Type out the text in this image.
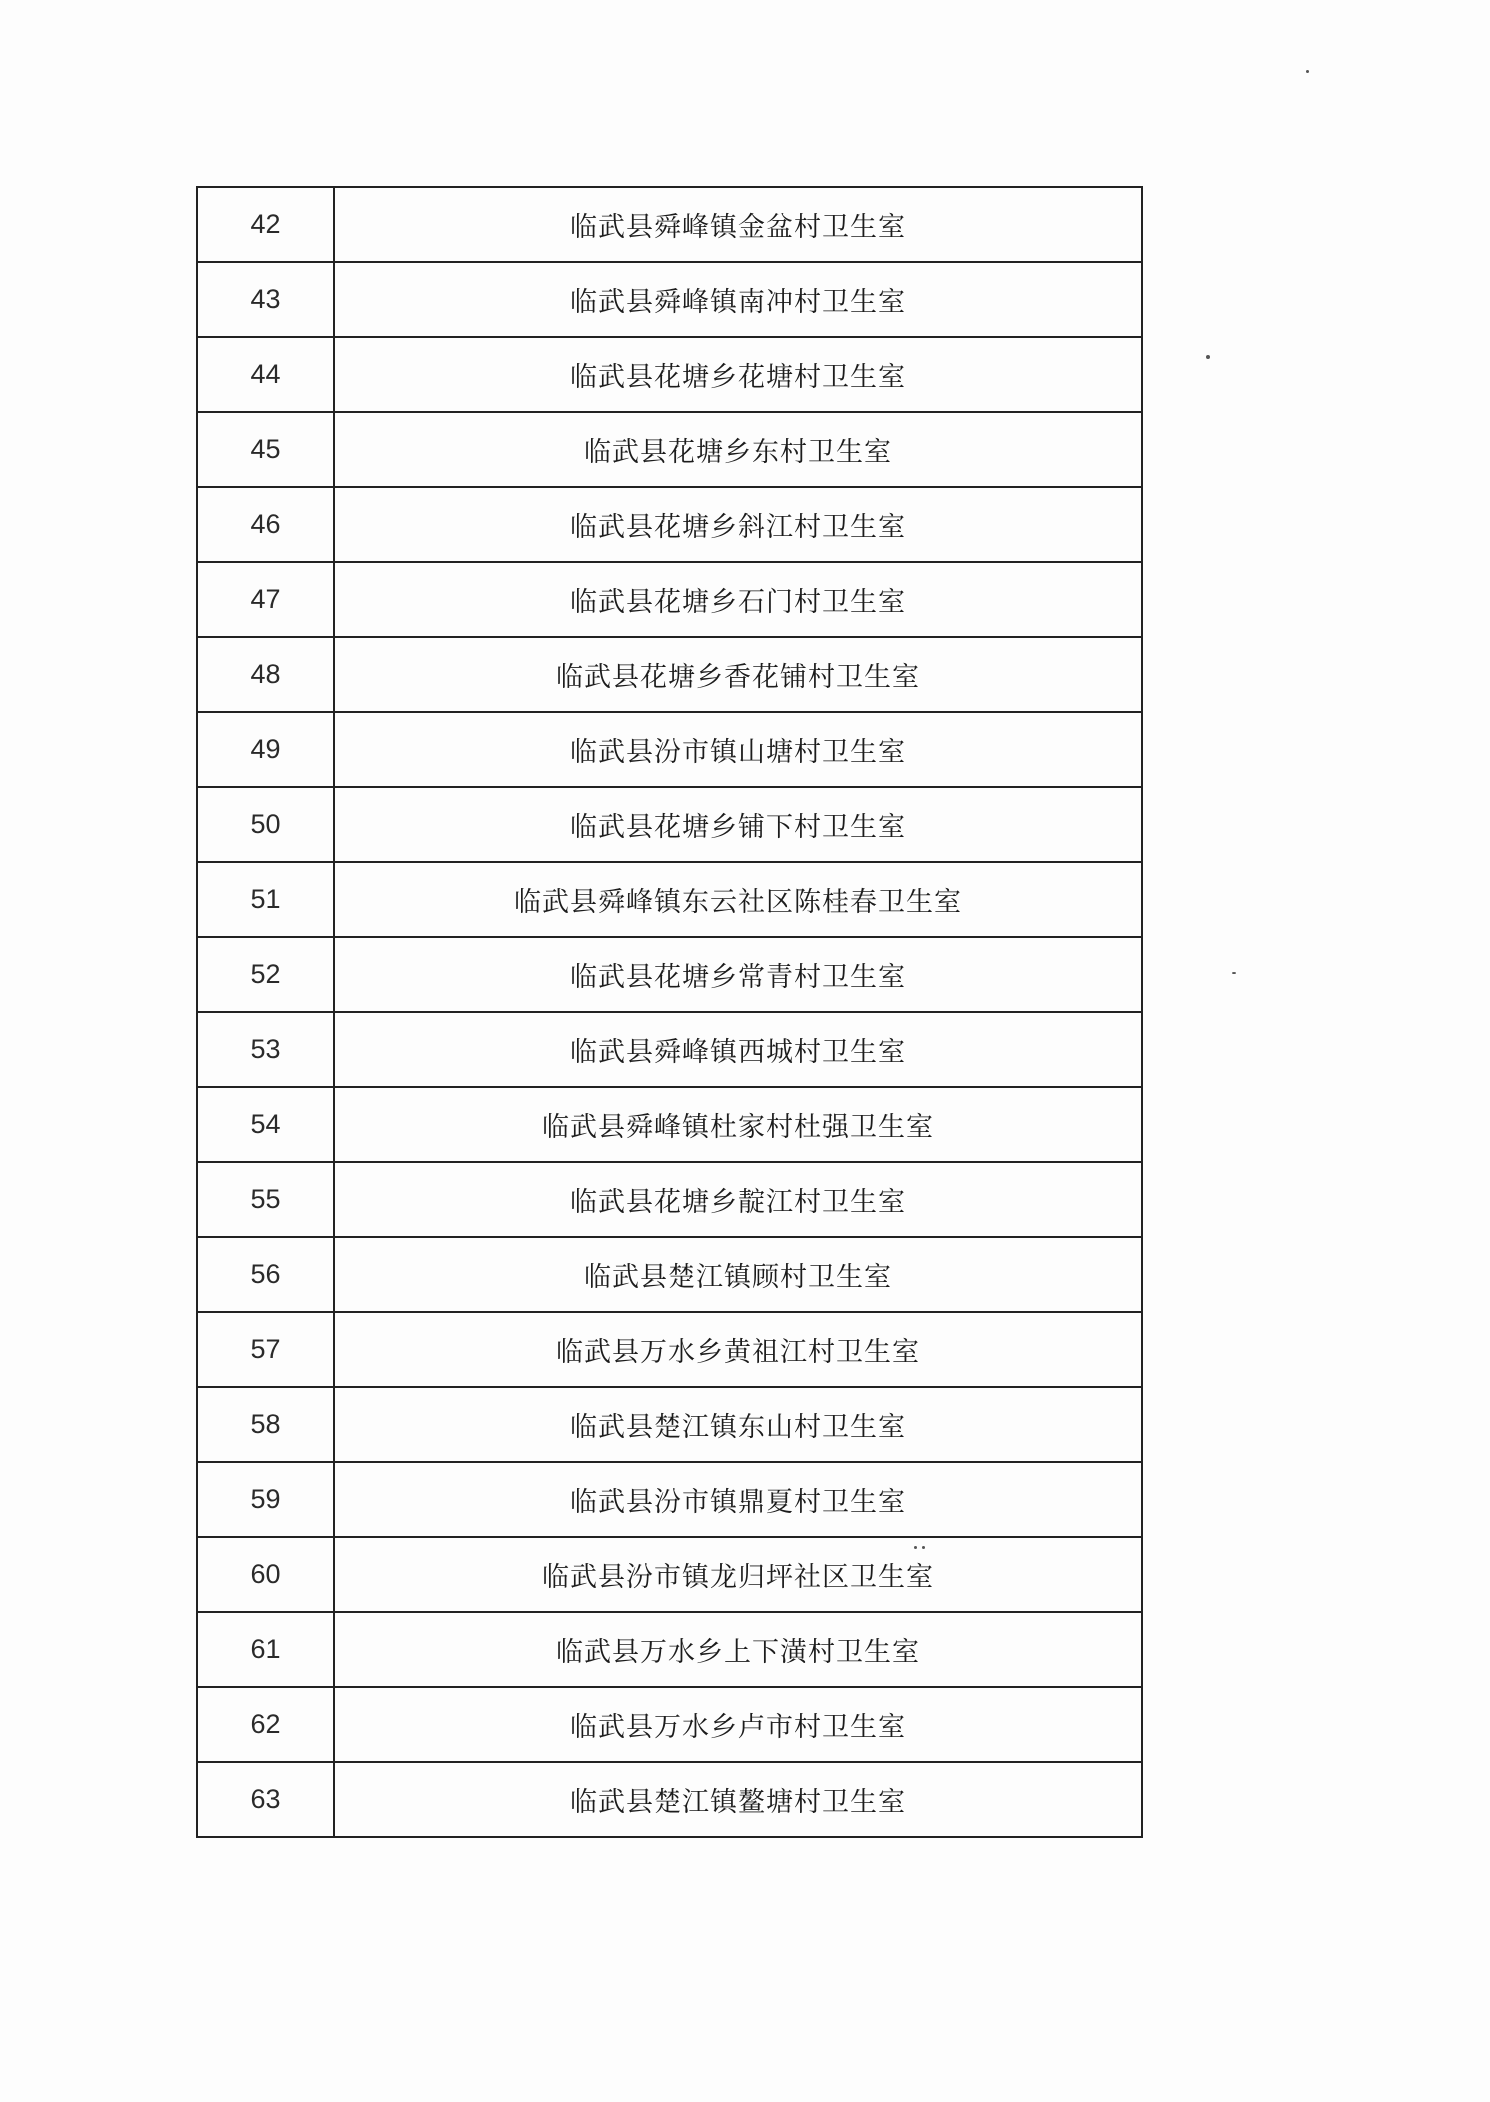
42	临武县舜峰镇金盆村卫生室
43	临武县舜峰镇南冲村卫生室
44	临武县花塘乡花塘村卫生室
45	临武县花塘乡东村卫生室
46	临武县花塘乡斜江村卫生室
47	临武县花塘乡石门村卫生室
48	临武县花塘乡香花铺村卫生室
49	临武县汾市镇山塘村卫生室
50	临武县花塘乡铺下村卫生室
51	临武县舜峰镇东云社区陈桂春卫生室
52	临武县花塘乡常青村卫生室
53	临武县舜峰镇西城村卫生室
54	临武县舜峰镇杜家村杜强卫生室
55	临武县花塘乡靛江村卫生室
56	临武县楚江镇顾村卫生室
57	临武县万水乡黄祖江村卫生室
58	临武县楚江镇东山村卫生室
59	临武县汾市镇鼎夏村卫生室
60	临武县汾市镇龙归坪社区卫生室
61	临武县万水乡上下潢村卫生室
62	临武县万水乡卢市村卫生室
63	临武县楚江镇鳌塘村卫生室
